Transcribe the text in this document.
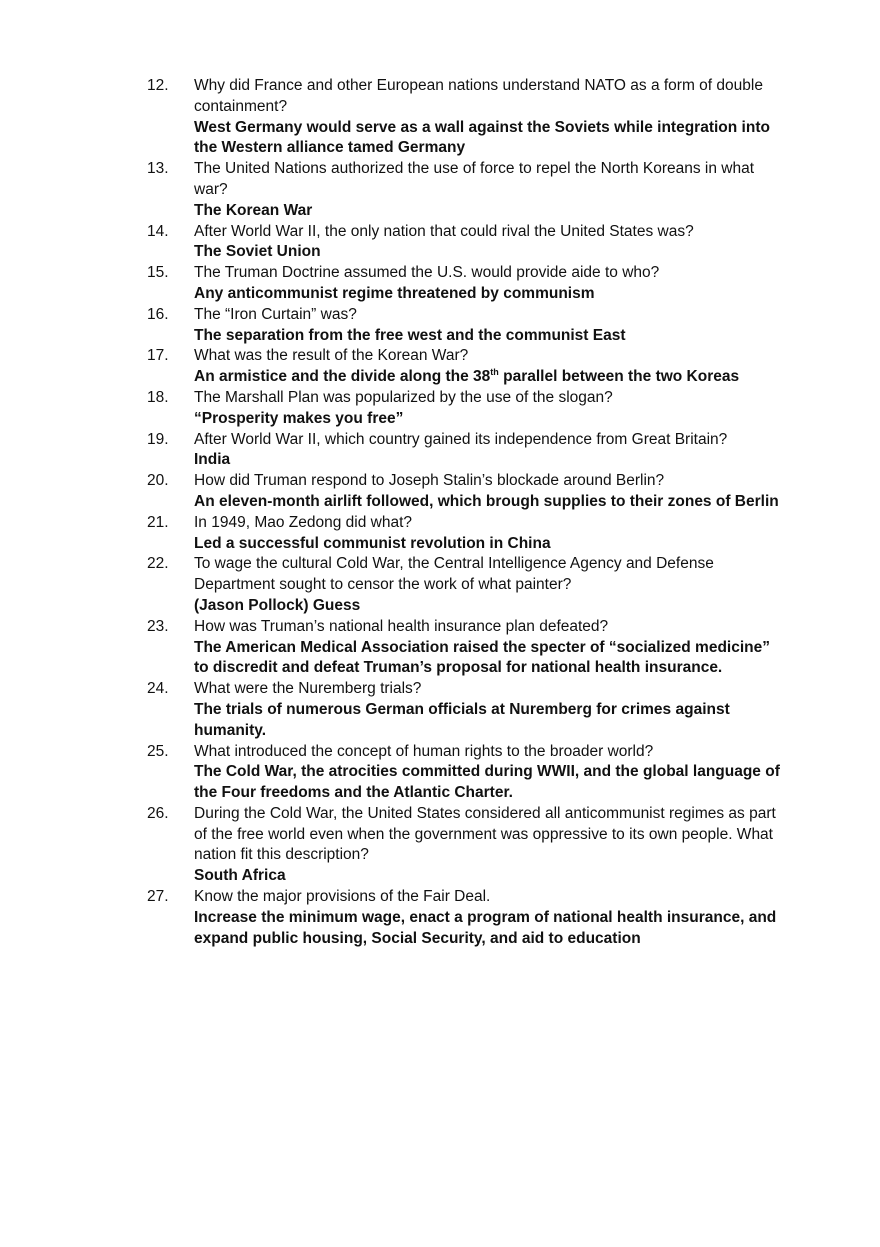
12. Why did France and other European nations understand NATO as a form of double containment?
West Germany would serve as a wall against the Soviets while integration into the Western alliance tamed Germany
13. The United Nations authorized the use of force to repel the North Koreans in what war?
The Korean War
14. After World War II, the only nation that could rival the United States was?
The Soviet Union
15. The Truman Doctrine assumed the U.S. would provide aide to who?
Any anticommunist regime threatened by communism
16. The “Iron Curtain” was?
The separation from the free west and the communist East
17. What was the result of the Korean War?
An armistice and the divide along the 38th parallel between the two Koreas
18. The Marshall Plan was popularized by the use of the slogan?
“Prosperity makes you free”
19. After World War II, which country gained its independence from Great Britain?
India
20. How did Truman respond to Joseph Stalin’s blockade around Berlin?
An eleven-month airlift followed, which brough supplies to their zones of Berlin
21. In 1949, Mao Zedong did what?
Led a successful communist revolution in China
22. To wage the cultural Cold War, the Central Intelligence Agency and Defense Department sought to censor the work of what painter?
(Jason Pollock) Guess
23. How was Truman’s national health insurance plan defeated?
The American Medical Association raised the specter of “socialized medicine” to discredit and defeat Truman’s proposal for national health insurance.
24. What were the Nuremberg trials?
The trials of numerous German officials at Nuremberg for crimes against humanity.
25. What introduced the concept of human rights to the broader world?
The Cold War, the atrocities committed during WWII, and the global language of the Four freedoms and the Atlantic Charter.
26. During the Cold War, the United States considered all anticommunist regimes as part of the free world even when the government was oppressive to its own people. What nation fit this description?
South Africa
27. Know the major provisions of the Fair Deal.
Increase the minimum wage, enact a program of national health insurance, and expand public housing, Social Security, and aid to education
